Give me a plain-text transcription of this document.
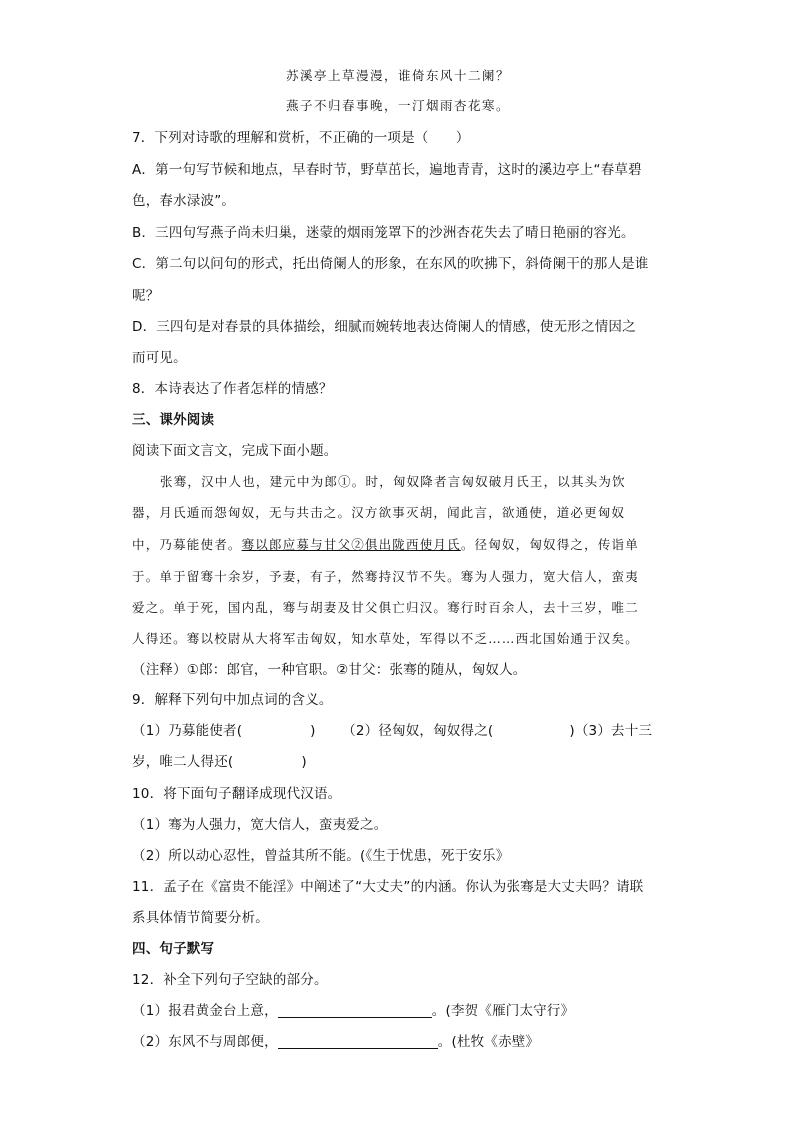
苏溪亭上草漫漫，谁倚东风十二阑？
燕子不归春事晚，一汀烟雨杏花寒。
7．下列对诗歌的理解和赏析，不正确的一项是（　　）
A．第一句写节候和地点，早春时节，野草茁长，遍地青青，这时的溪边亭上“春草碧
色，春水渌波”。
B．三四句写燕子尚未归巢，迷蒙的烟雨笼罩下的沙洲杏花失去了晴日艳丽的容光。
C．第二句以问句的形式，托出倚阑人的形象，在东风的吹拂下，斜倚阑干的那人是谁
呢？
D．三四句是对春景的具体描绘，细腻而婉转地表达倚阑人的情感，使无形之情因之
而可见。
8．本诗表达了作者怎样的情感？
三、课外阅读
阅读下面文言文，完成下面小题。
张骞，汉中人也，建元中为郎①。时，匈奴降者言匈奴破月氏王，以其头为饮
器，月氏遁而怨匈奴，无与共击之。汉方欲事灭胡，闻此言，欲通使，道必更匈奴
中，乃募能使者。骞以郎应募与甘父②俱出陇西使月氏。径匈奴，匈奴得之，传诣单
于。单于留骞十余岁，予妻，有子，然骞持汉节不失。骞为人强力，宽大信人，蛮夷
爱之。单于死，国内乱，骞与胡妻及甘父俱亡归汉。骞行时百余人，去十三岁，唯二
人得还。骞以校尉从大将军击匈奴，知水草处，军得以不乏……西北国始通于汉矣。
（注释）①郎：郎官，一种官职。②甘父：张骞的随从，匈奴人。
9．解释下列句中加点词的含义。
（1）乃募能使者(	) （2）径匈奴，匈奴得之(	)（3）去十三
岁，唯二人得还(	)
10．将下面句子翻译成现代汉语。
（1）骞为人强力，宽大信人，蛮夷爱之。
（2）所以动心忍性，曾益其所不能。(《生于忧患，死于安乐》
11．孟子在《富贵不能淫》中阐述了“大丈夫”的内涵。你认为张骞是大丈夫吗？请联
系具体情节简要分析。
四、句子默写
12．补全下列句子空缺的部分。
（1）报君黄金台上意，	。(李贺《雁门太守行》
（2）东风不与周郎便，	。(杜牧《赤壁》
